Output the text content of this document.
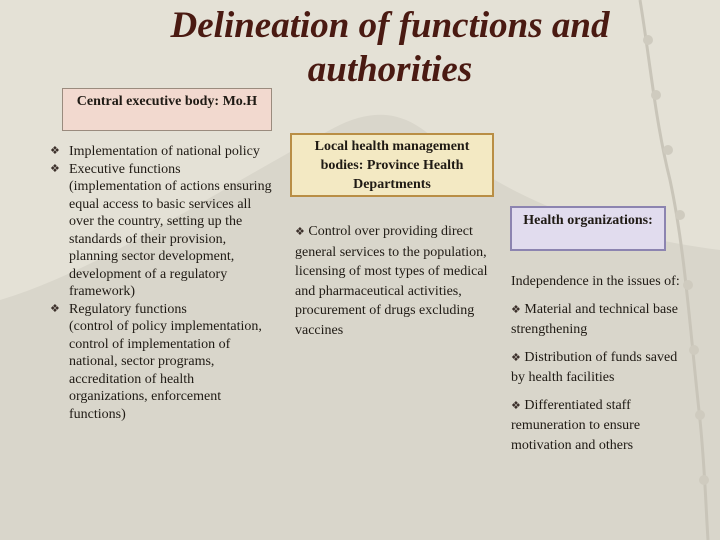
Delineation of functions and authorities
Central executive body: Mo.H
❖ Implementation of national policy
❖ Executive functions
(implementation of actions ensuring equal access to basic services all over the country, setting up the standards of their provision, planning sector development, development of a regulatory framework)
❖ Regulatory functions
(control of policy implementation, control of implementation of national, sector programs, accreditation of health organizations, enforcement functions)
Local health management bodies: Province Health Departments
❖ Control over providing direct general services to the population, licensing of most types of medical and pharmaceutical activities, procurement of drugs excluding vaccines
Health organizations:

Independence in the issues of:

❖ Material and technical base strengthening

❖ Distribution of funds saved by health facilities

❖ Differentiated staff remuneration to ensure motivation and others
